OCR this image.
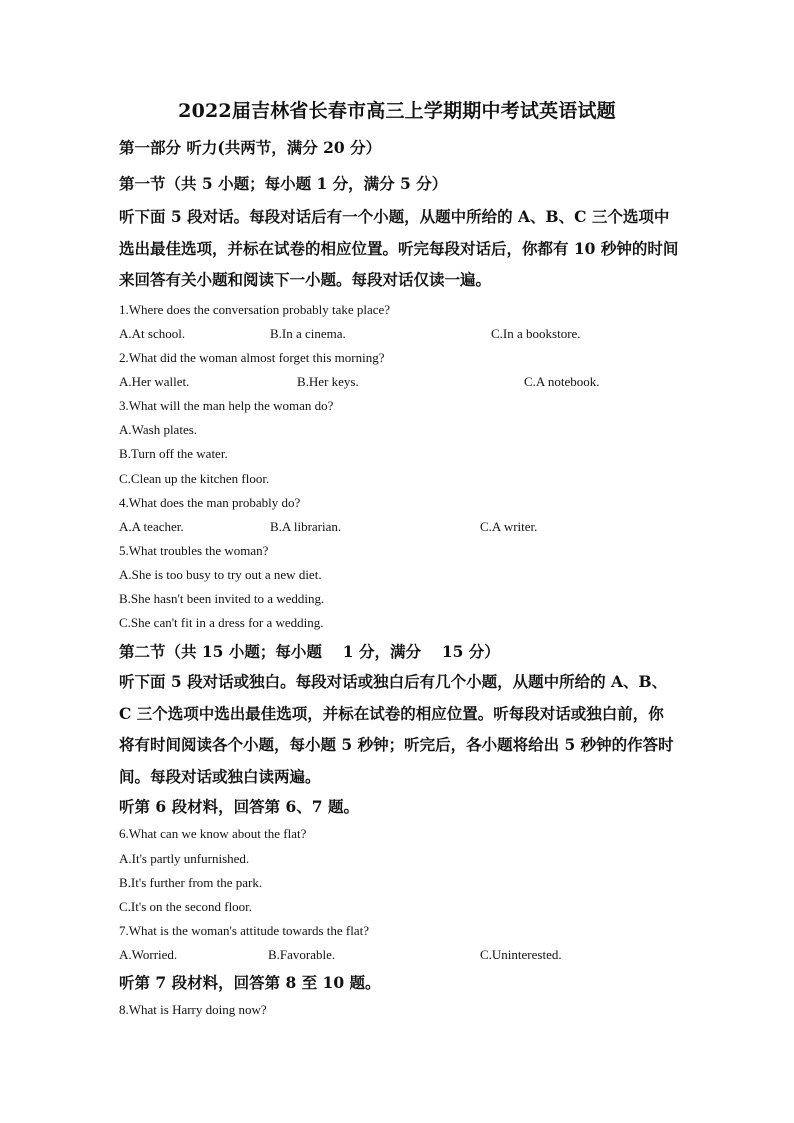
2022届吉林省长春市高三上学期期中考试英语试题
第一部分 听力(共两节，满分 20 分）
第一节（共 5 小题；每小题 1 分，满分 5 分）
听下面 5 段对话。每段对话后有一个小题，从题中所给的 A、B、C 三个选项中选出最佳选项，并标在试卷的相应位置。听完每段对话后，你都有 10 秒钟的时间来回答有关小题和阅读下一小题。每段对话仅读一遍。
1.Where does the conversation probably take place?
A.At school.	B.In a cinema.	C.In a bookstore.
2.What did the woman almost forget this morning?
A.Her wallet.	B.Her keys.	C.A notebook.
3.What will the man help the woman do?
A.Wash plates.
B.Turn off the water.
C.Clean up the kitchen floor.
4.What does the man probably do?
A.A teacher.	B.A librarian.	C.A writer.
5.What troubles the woman?
A.She is too busy to try out a new diet.
B.She hasn't been invited to a wedding.
C.She can't fit in a dress for a wedding.
第二节（共 15 小题；每小题 　1 分，满分 　15 分）
听下面 5 段对话或独白。每段对话或独白后有几个小题，从题中所给的 A、B、C 三个选项中选出最佳选项，并标在试卷的相应位置。听每段对话或独白前，你将有时间阅读各个小题，每小题 5 秒钟；听完后，各小题将给出 5 秒钟的作答时间。每段对话或独白读两遍。
听第 6 段材料，回答第 6、7 题。
6.What can we know about the flat?
A.It's partly unfurnished.
B.It's further from the park.
C.It's on the second floor.
7.What is the woman's attitude towards the flat?
A.Worried.	B.Favorable.	C.Uninterested.
听第 7 段材料，回答第 8 至 10 题。
8.What is Harry doing now?
